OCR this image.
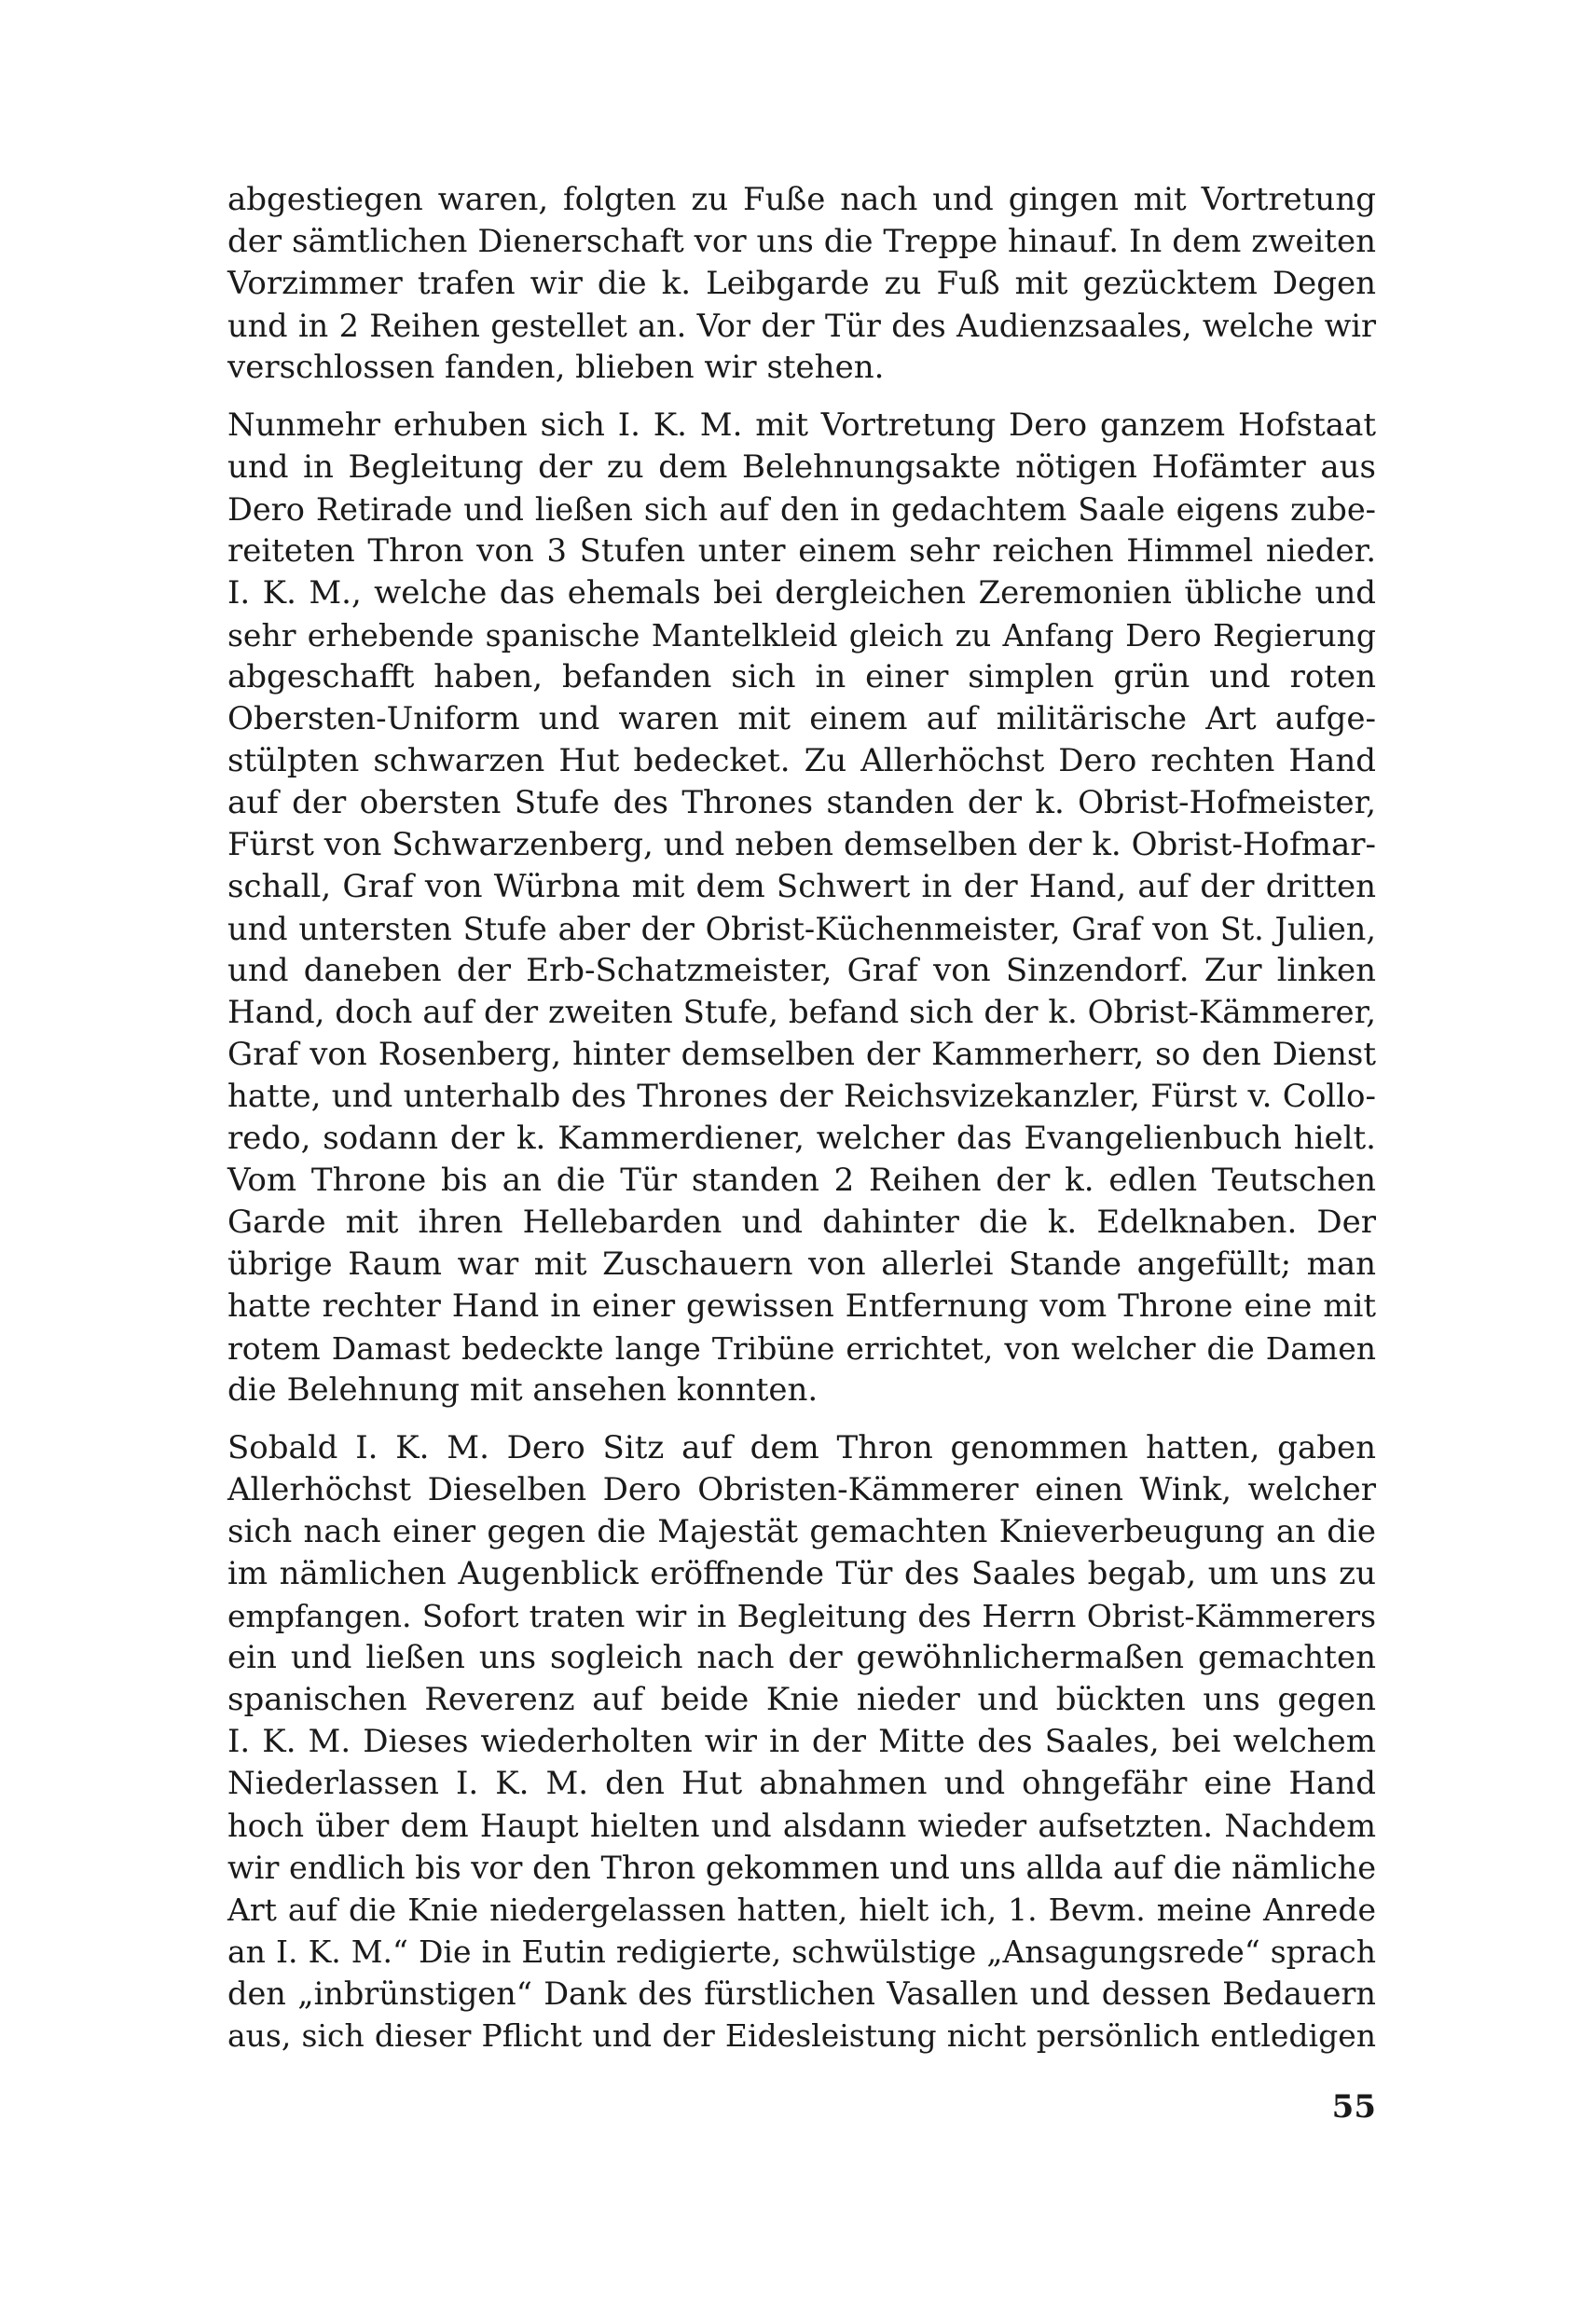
abgestiegen waren, folgten zu Fuße nach und gingen mit Vortretung
der sämtlichen Dienerschaft vor uns die Treppe hinauf. In dem zweiten
Vorzimmer trafen wir die k. Leibgarde zu Fuß mit gezücktem Degen
und in 2 Reihen gestellet an. Vor der Tür des Audienzsaales, welche wir
verschlossen fanden, blieben wir stehen.
Nunmehr erhuben sich I. K. M. mit Vortretung Dero ganzem Hofstaat
und in Begleitung der zu dem Belehnungsakte nötigen Hofämter aus
Dero Retirade und ließen sich auf den in gedachtem Saale eigens zube-
reiteten Thron von 3 Stufen unter einem sehr reichen Himmel nieder.
I. K. M., welche das ehemals bei dergleichen Zeremonien übliche und
sehr erhebende spanische Mantelkleid gleich zu Anfang Dero Regierung
abgeschafft haben, befanden sich in einer simplen grün und roten
Obersten-Uniform und waren mit einem auf militärische Art aufge-
stülpten schwarzen Hut bedecket. Zu Allerhöchst Dero rechten Hand
auf der obersten Stufe des Thrones standen der k. Obrist-Hofmeister,
Fürst von Schwarzenberg, und neben demselben der k. Obrist-Hofmar-
schall, Graf von Würbna mit dem Schwert in der Hand, auf der dritten
und untersten Stufe aber der Obrist-Küchenmeister, Graf von St. Julien,
und daneben der Erb-Schatzmeister, Graf von Sinzendorf. Zur linken
Hand, doch auf der zweiten Stufe, befand sich der k. Obrist-Kämmerer,
Graf von Rosenberg, hinter demselben der Kammerherr, so den Dienst
hatte, und unterhalb des Thrones der Reichsvizekanzler, Fürst v. Collo-
redo, sodann der k. Kammerdiener, welcher das Evangelienbuch hielt.
Vom Throne bis an die Tür standen 2 Reihen der k. edlen Teutschen
Garde mit ihren Hellebarden und dahinter die k. Edelknaben. Der
übrige Raum war mit Zuschauern von allerlei Stande angefüllt; man
hatte rechter Hand in einer gewissen Entfernung vom Throne eine mit
rotem Damast bedeckte lange Tribüne errichtet, von welcher die Damen
die Belehnung mit ansehen konnten.
Sobald I. K. M. Dero Sitz auf dem Thron genommen hatten, gaben
Allerhöchst Dieselben Dero Obristen-Kämmerer einen Wink, welcher
sich nach einer gegen die Majestät gemachten Knieverbeugung an die
im nämlichen Augenblick eröffnende Tür des Saales begab, um uns zu
empfangen. Sofort traten wir in Begleitung des Herrn Obrist-Kämmerers
ein und ließen uns sogleich nach der gewöhnlichermaßen gemachten
spanischen Reverenz auf beide Knie nieder und bückten uns gegen
I. K. M. Dieses wiederholten wir in der Mitte des Saales, bei welchem
Niederlassen I. K. M. den Hut abnahmen und ohngefähr eine Hand
hoch über dem Haupt hielten und alsdann wieder aufsetzten. Nachdem
wir endlich bis vor den Thron gekommen und uns allda auf die nämliche
Art auf die Knie niedergelassen hatten, hielt ich, 1. Bevm. meine Anrede
an I. K. M.“ Die in Eutin redigierte, schwülstige „Ansagungsrede“ sprach
den „inbrünstigen“ Dank des fürstlichen Vasallen und dessen Bedauern
aus, sich dieser Pflicht und der Eidesleistung nicht persönlich entledigen
55
